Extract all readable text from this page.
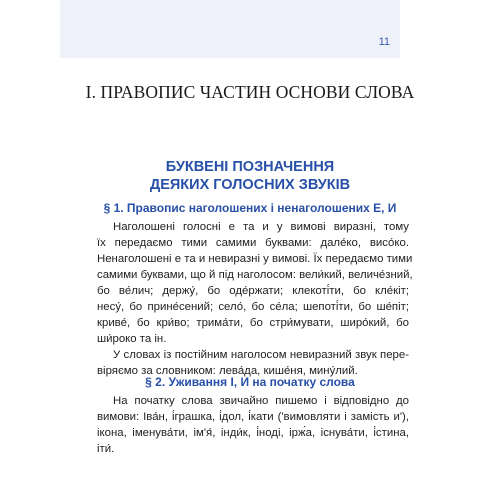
11
І. ПРАВОПИС ЧАСТИН ОСНОВИ СЛОВА
БУКВЕНІ ПОЗНАЧЕННЯ
ДЕЯКИХ ГОЛОСНИХ ЗВУКІВ
§ 1. Правопис наголошених і ненаголошених Е, И
Наголошені голосні е та и у вимові виразні, тому
їх передаємо тими самими буквами: дале́ко, висо́ко.
Ненаголошені е та и невиразні у вимові. Їх передаємо тими
самими буквами, що й під наголосом: вели́кий, величе́зний,
бо ве́лич; держу́, бо оде́ржати; клекоті́ти, бо кле́кіт;
несу́, бо прине́сений; село́, бо се́ла; шепоті́ти, бо ше́піт;
криве́, бо кри́во; трима́ти, бо стри́мувати, широ́кий, бо
ши́роко та ін.
У словах із постійним наголосом невиразний звук пере-
віряємо за словником: лева́да, кише́ня, мину́лий.
§ 2. Уживання І, И на початку слова
На початку слова звичайно пишемо і відповідно до
вимови: Іва́н, і́грашка, і́дол, і́кати ('вимовляти і замість и'),
ікона, іменува́ти, ім'я́, інди́к, і́ноді, ірж́а, існува́ти, і́стина,
іти́.
